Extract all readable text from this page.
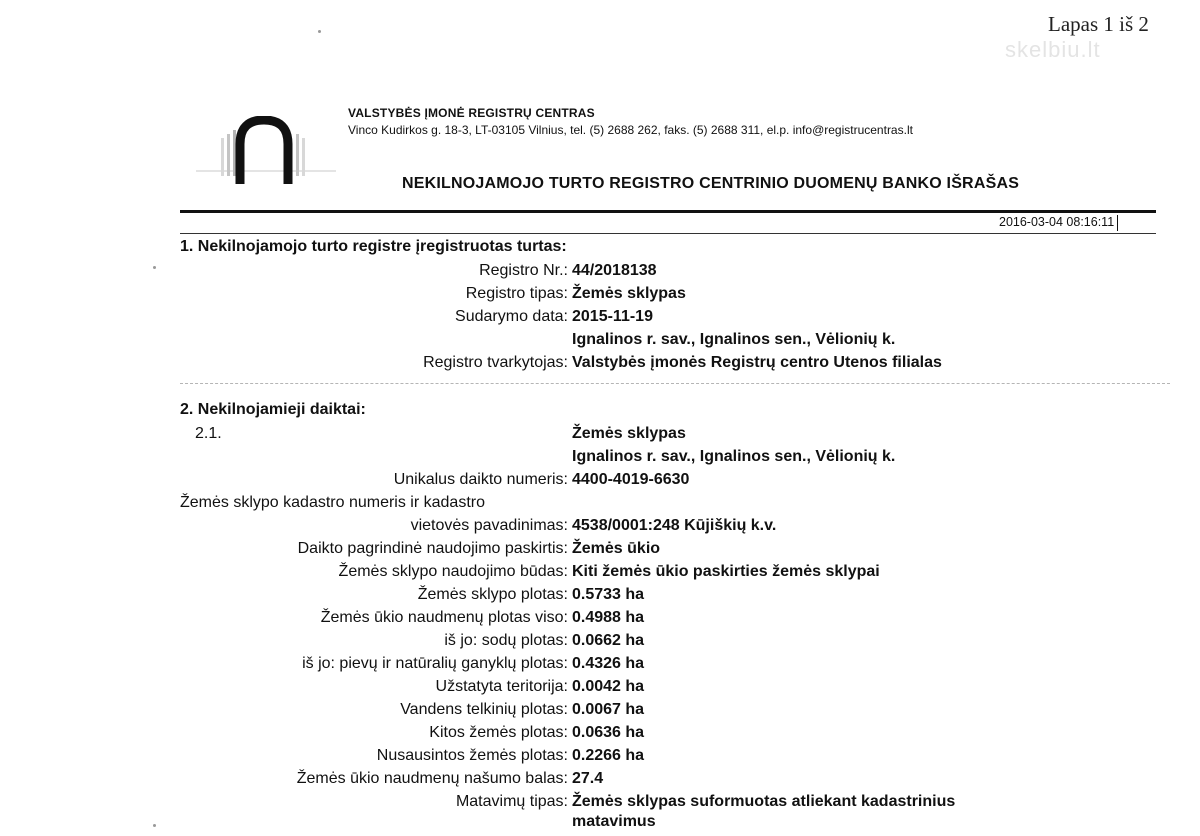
Lapas 1 iš 2
skelbiu.lt
VALSTYBĖS ĮMONĖ REGISTRŲ CENTRAS
Vinco Kudirkos g. 18-3, LT-03105 Vilnius, tel. (5) 2688 262, faks. (5) 2688 311, el.p. info@registrucentras.lt
NEKILNOJAMOJO TURTO REGISTRO CENTRINIO DUOMENŲ BANKO IŠRAŠAS
2016-03-04 08:16:11
1. Nekilnojamojo turto registre įregistruotas turtas:
Registro Nr.: 44/2018138
Registro tipas: Žemės sklypas
Sudarymo data: 2015-11-19
Ignalinos r. sav., Ignalinos sen., Vėlionių k.
Registro tvarkytojas: Valstybės įmonės Registrų centro Utenos filialas
2. Nekilnojamieji daiktai:
2.1.	Žemės sklypas
Ignalinos r. sav., Ignalinos sen., Vėlionių k.
Unikalus daikto numeris: 4400-4019-6630
Žemės sklypo kadastro numeris ir kadastro
vietovės pavadinimas: 4538/0001:248 Kūjiškių k.v.
Daikto pagrindinė naudojimo paskirtis: Žemės ūkio
Žemės sklypo naudojimo būdas: Kiti žemės ūkio paskirties žemės sklypai
Žemės sklypo plotas: 0.5733 ha
Žemės ūkio naudmenų plotas viso: 0.4988 ha
iš jo: sodų plotas: 0.0662 ha
iš jo: pievų ir natūralių ganyklų plotas: 0.4326 ha
Užstatyta teritorija: 0.0042 ha
Vandens telkinių plotas: 0.0067 ha
Kitos žemės plotas: 0.0636 ha
Nusausintos žemės plotas: 0.2266 ha
Žemės ūkio naudmenų našumo balas: 27.4
Matavimų tipas: Žemės sklypas suformuotas atliekant kadastrinius
matavimus
